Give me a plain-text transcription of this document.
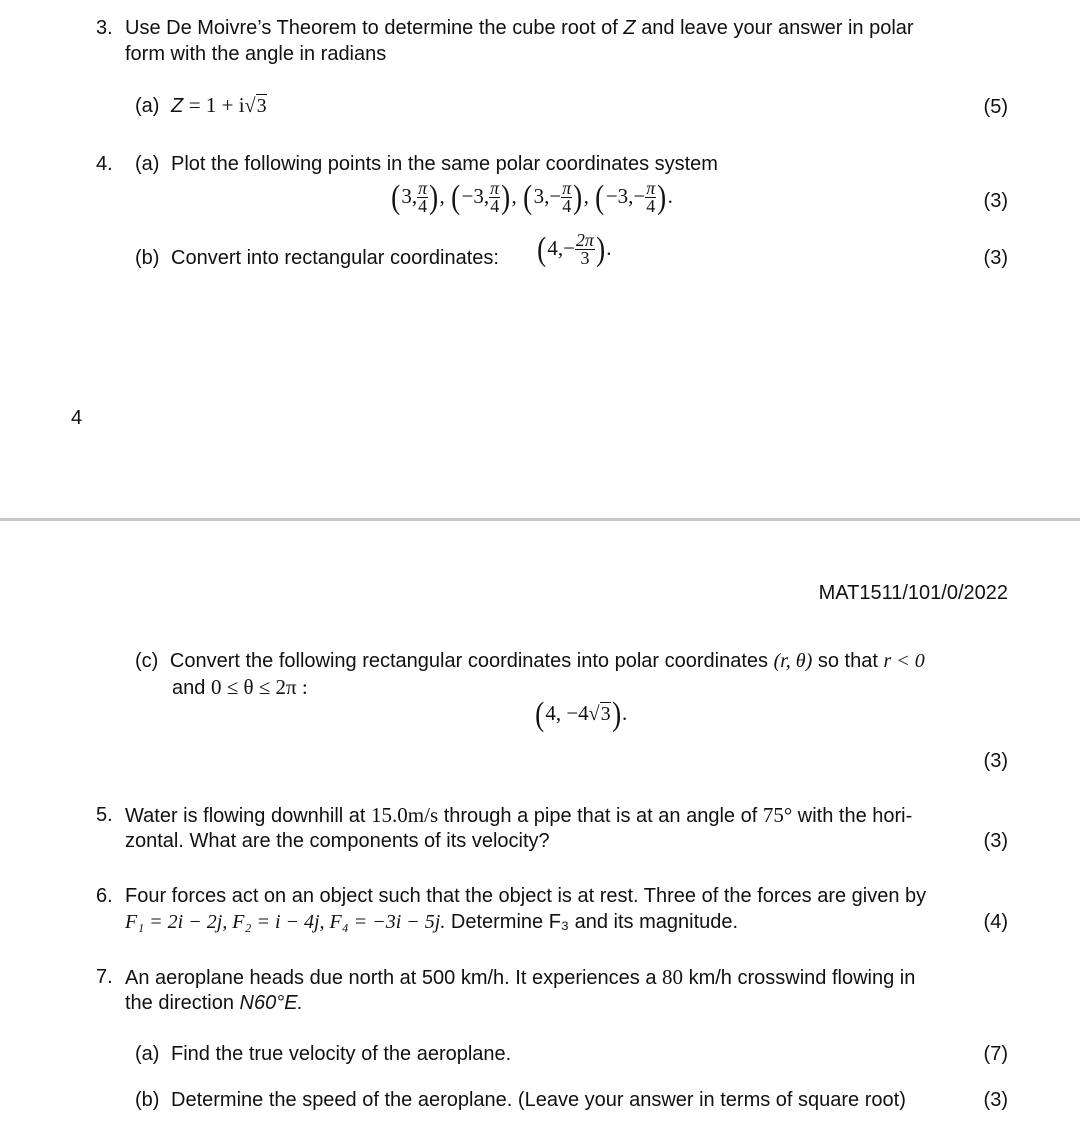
3. Use De Moivre’s Theorem to determine the cube root of Z and leave your answer in polar
form with the angle in radians
(a) Z = 1 + i√3	(5)
4. (a) Plot the following points in the same polar coordinates system
(3, $\frac{\pi}{4}$ ), (−3, $\frac{\pi}{4}$ ), ($3,- \frac{\pi}{4}$ ), ($-3,- \frac{\pi}{4}$ ).	(3)
(b) Convert into rectangular coordinates: ($4,- \frac{2\pi}{3}$ ).	(3)
4
MAT1511/101/0/2022
(c) Convert the following rectangular coordinates into polar coordinates (r, θ) so that r < 0
and 0 ≤ θ ≤ 2π :
(4, −4√3).
(3)
5. Water is flowing downhill at 15.0m/s through a pipe that is at an angle of 75° with the hori-
zontal. What are the components of its velocity?	(3)
6. Four forces act on an object such that the object is at rest. Three of the forces are given by
F₁ = 2i − 2j, F₂ = i − 4j, F₄ = −3i − 5j. Determine F₃ and its magnitude.	(4)
7. An aeroplane heads due north at 500 km/h. It experiences a 80 km/h crosswind flowing in
the direction N60°E.
(a) Find the true velocity of the aeroplane.	(7)
(b) Determine the speed of the aeroplane. (Leave your answer in terms of square root)	(3)
